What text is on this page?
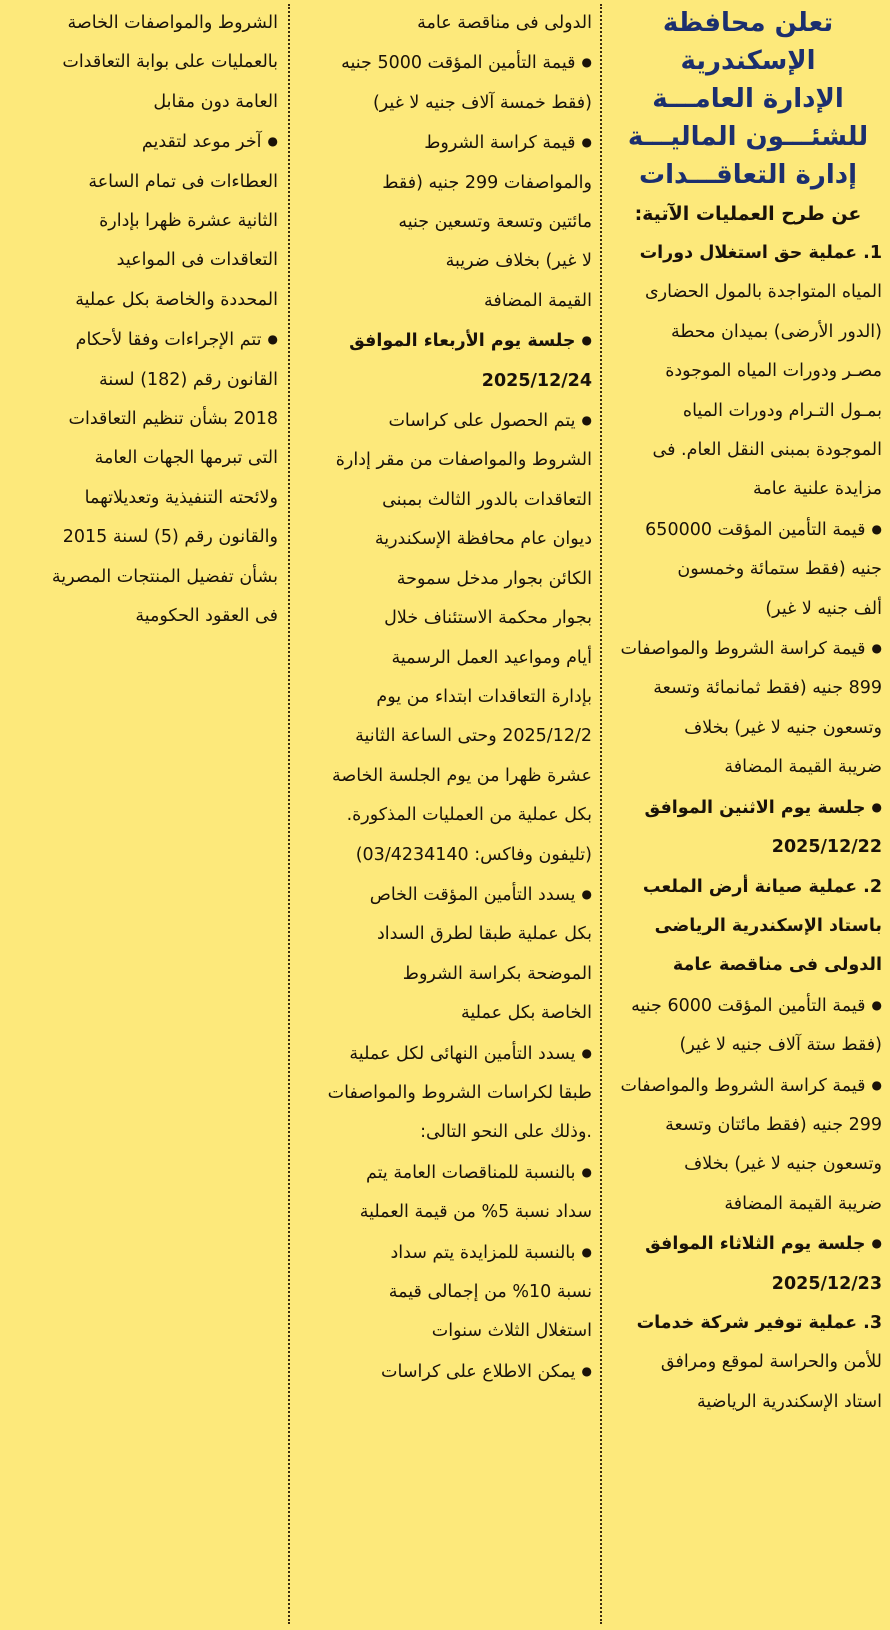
تعلن محافظة الإسكندرية

الإدارة العامـــة

للشئـــون الماليـــة

إدارة التعاقـــدات

عن طرح العمليات الآتية:

1. عملية حق استغلال دورات

المياه المتواجدة بالمول الحضارى

(الدور الأرضى) بميدان محطة

مصـر ودورات المياه الموجودة

بمـول التـرام ودورات المياه

الموجودة بمبنى النقل العام. فى

مزايدة علنية عامة

● قيمة التأمين المؤقت 650000

جنيه (فقط ستمائة وخمسون

ألف جنيه لا غير)

● قيمة كراسة الشروط والمواصفات

899 جنيه (فقط ثمانمائة وتسعة

وتسعون جنيه لا غير) بخلاف

ضريبة القيمة المضافة

● جلسة يوم الاثنين الموافق

2025/12/22

2. عملية صيانة أرض الملعب

باستاد الإسكندرية الرياضى

الدولى فى مناقصة عامة

● قيمة التأمين المؤقت 6000 جنيه

(فقط ستة آلاف جنيه لا غير)

● قيمة كراسة الشروط والمواصفات

299 جنيه (فقط مائتان وتسعة

وتسعون جنيه لا غير) بخلاف

ضريبة القيمة المضافة

● جلسة يوم الثلاثاء الموافق

2025/12/23

3. عملية توفير شركة خدمات

للأمن والحراسة لموقع ومرافق

استاد الإسكندرية الرياضية

الدولى فى مناقصة عامة

● قيمة التأمين المؤقت 5000 جنيه

(فقط خمسة آلاف جنيه لا غير)

● قيمة كراسة الشروط

والمواصفات 299 جنيه (فقط

مائتين وتسعة وتسعين جنيه

لا غير) بخلاف ضريبة

القيمة المضافة

● جلسة يوم الأربعاء الموافق

2025/12/24

● يتم الحصول على كراسات

الشروط والمواصفات من مقر إدارة

التعاقدات بالدور الثالث بمبنى

ديوان عام محافظة الإسكندرية

الكائن بجوار مدخل سموحة

بجوار محكمة الاستئناف خلال

أيام ومواعيد العمل الرسمية

بإدارة التعاقدات ابتداء من يوم

2025/12/2 وحتى الساعة الثانية

عشرة ظهرا من يوم الجلسة الخاصة

بكل عملية من العمليات المذكورة.

(تليفون وفاكس: 03/4234140)

● يسدد التأمين المؤقت الخاص

بكل عملية طبقا لطرق السداد

الموضحة بكراسة الشروط

الخاصة بكل عملية

● يسدد التأمين النهائى لكل عملية

طبقا لكراسات الشروط والمواصفات

.وذلك على النحو التالى:

● بالنسبة للمناقصات العامة يتم

سداد نسبة 5% من قيمة العملية

● بالنسبة للمزايدة يتم سداد

نسبة 10% من إجمالى قيمة

استغلال الثلاث سنوات

● يمكن الاطلاع على كراسات

الشروط والمواصفات الخاصة

بالعمليات على بوابة التعاقدات

العامة دون مقابل

● آخر موعد لتقديم

العطاءات فى تمام الساعة

الثانية عشرة ظهرا بإدارة

التعاقدات فى المواعيد

المحددة والخاصة بكل عملية

● تتم الإجراءات وفقا لأحكام

القانون رقم (182) لسنة

2018 بشأن تنظيم التعاقدات

التى تبرمها الجهات العامة

ولائحته التنفيذية وتعديلاتهما

والقانون رقم (5) لسنة 2015

بشأن تفضيل المنتجات المصرية

فى العقود الحكومية
